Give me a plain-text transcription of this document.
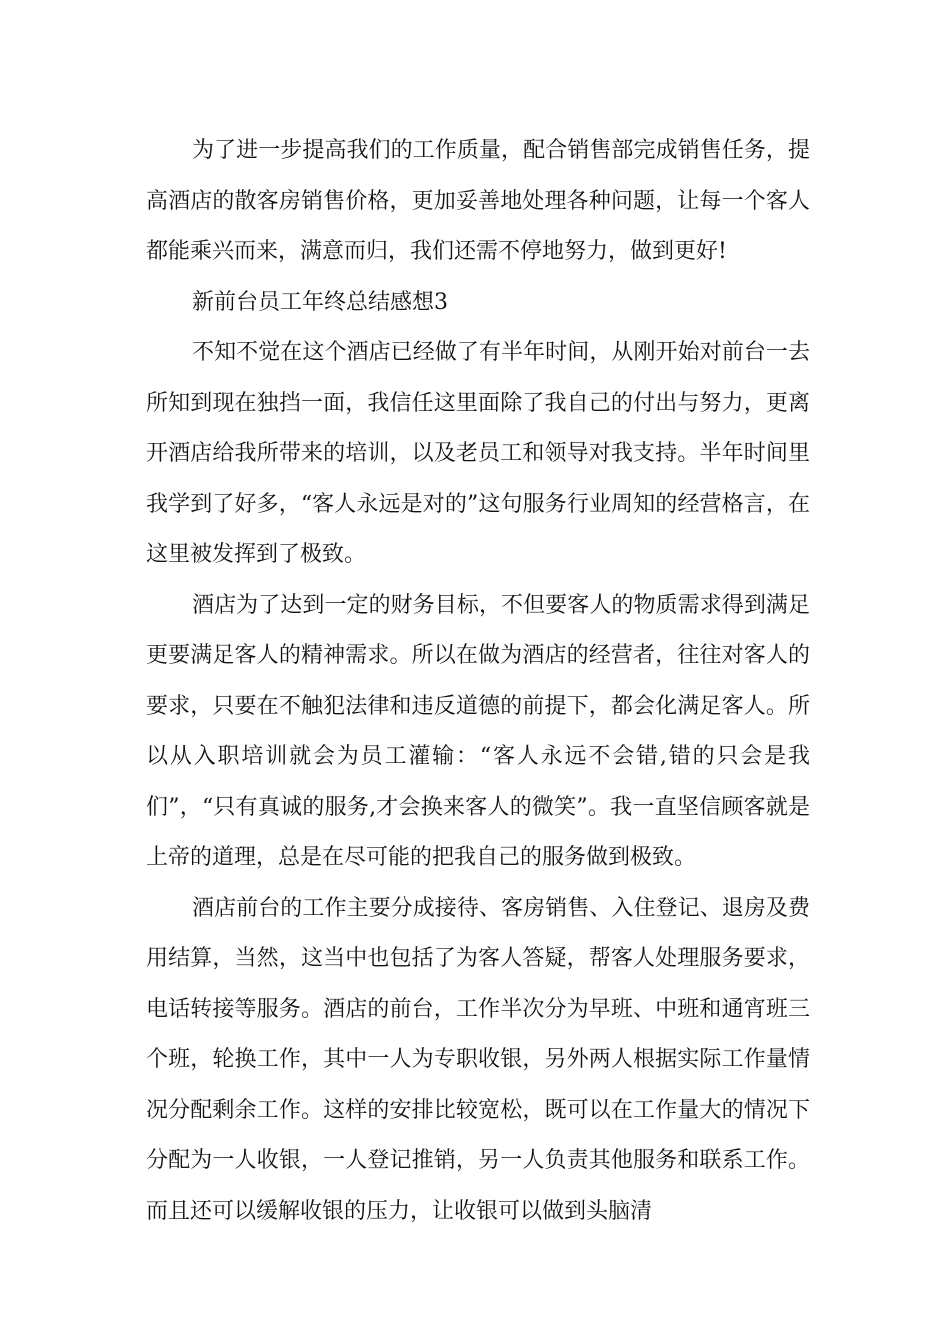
为了进一步提高我们的工作质量，配合销售部完成销售任务，提高酒店的散客房销售价格，更加妥善地处理各种问题，让每一个客人都能乘兴而来，满意而归，我们还需不停地努力，做到更好!

新前台员工年终总结感想3

不知不觉在这个酒店已经做了有半年时间，从刚开始对前台一去所知到现在独挡一面，我信任这里面除了我自己的付出与努力，更离开酒店给我所带来的培训，以及老员工和领导对我支持。半年时间里我学到了好多，“客人永远是对的”这句服务行业周知的经营格言，在这里被发挥到了极致。

酒店为了达到一定的财务目标，不但要客人的物质需求得到满足更要满足客人的精神需求。所以在做为酒店的经营者，往往对客人的要求，只要在不触犯法律和违反道德的前提下，都会化满足客人。所以从入职培训就会为员工灌输：“客人永远不会错,错的只会是我们”，“只有真诚的服务,才会换来客人的微笑”。我一直坚信顾客就是上帝的道理，总是在尽可能的把我自己的服务做到极致。

酒店前台的工作主要分成接待、客房销售、入住登记、退房及费用结算，当然，这当中也包括了为客人答疑，帮客人处理服务要求，电话转接等服务。酒店的前台，工作半次分为早班、中班和通宵班三个班，轮换工作，其中一人为专职收银，另外两人根据实际工作量情况分配剩余工作。这样的安排比较宽松，既可以在工作量大的情况下分配为一人收银，一人登记推销，另一人负责其他服务和联系工作。而且还可以缓解收银的压力，让收银可以做到头脑清
